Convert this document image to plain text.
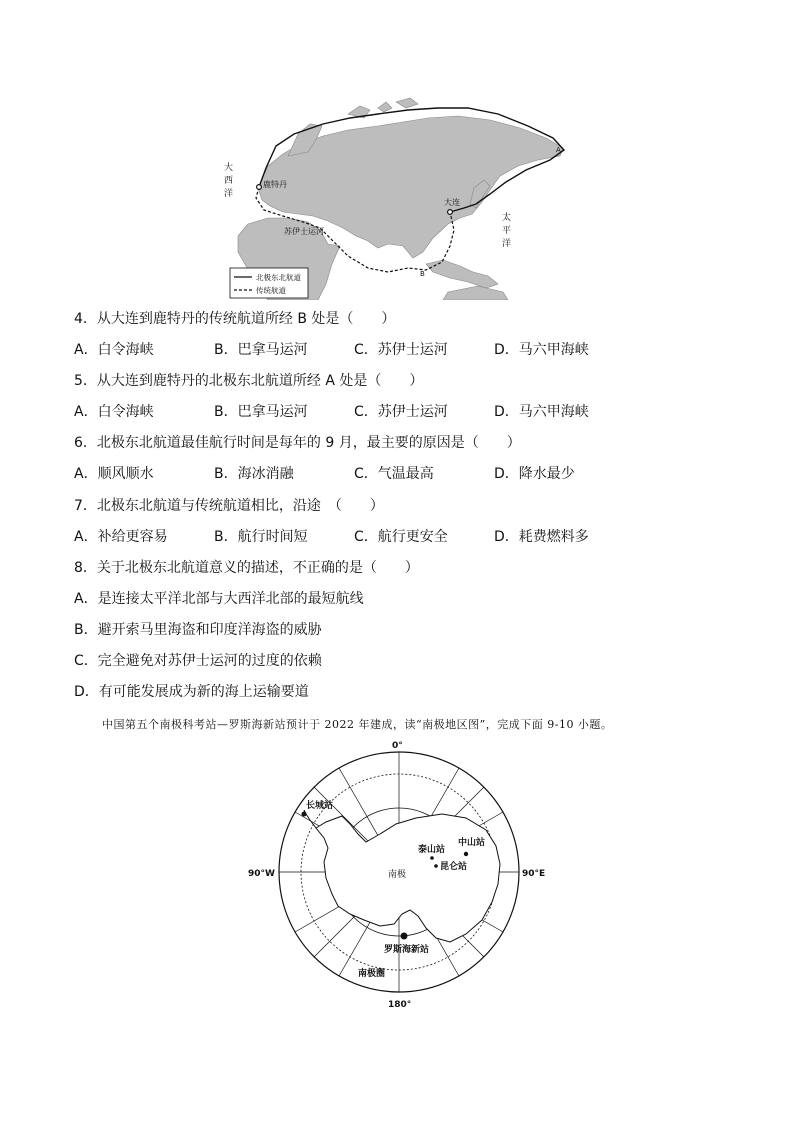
鹿特丹
大连
苏伊士运河
A
B
北极东北航道
传统航道
大西洋
太平洋
4．从大连到鹿特丹的传统航道所经 B 处是（　　）
A．白令海峡	B．巴拿马运河	C．苏伊士运河	D．马六甲海峡
5．从大连到鹿特丹的北极东北航道所经 A 处是（　　）
A．白令海峡	B．巴拿马运河	C．苏伊士运河	D．马六甲海峡
6．北极东北航道最佳航行时间是每年的 9 月，最主要的原因是（　　）
A．顺风顺水	B．海冰消融	C．气温最高	D．降水最少
7．北极东北航道与传统航道相比，沿途　（　　）
A．补给更容易	B．航行时间短	C．航行更安全	D．耗费燃料多
8．关于北极东北航道意义的描述，不正确的是（　　）
A．是连接太平洋北部与大西洋北部的最短航线
B．避开索马里海盗和印度洋海盗的威胁
C．完全避免对苏伊士运河的过度的依赖
D．有可能发展成为新的海上运输要道
中国第五个南极科考站—罗斯海新站预计于 2022 年建成，读“南极地区图”，完成下面 9-10 小题。
0°
90°W	90°E
180°
南极
长城站
泰山站
中山站
昆仑站
罗斯海新站
南极圈
